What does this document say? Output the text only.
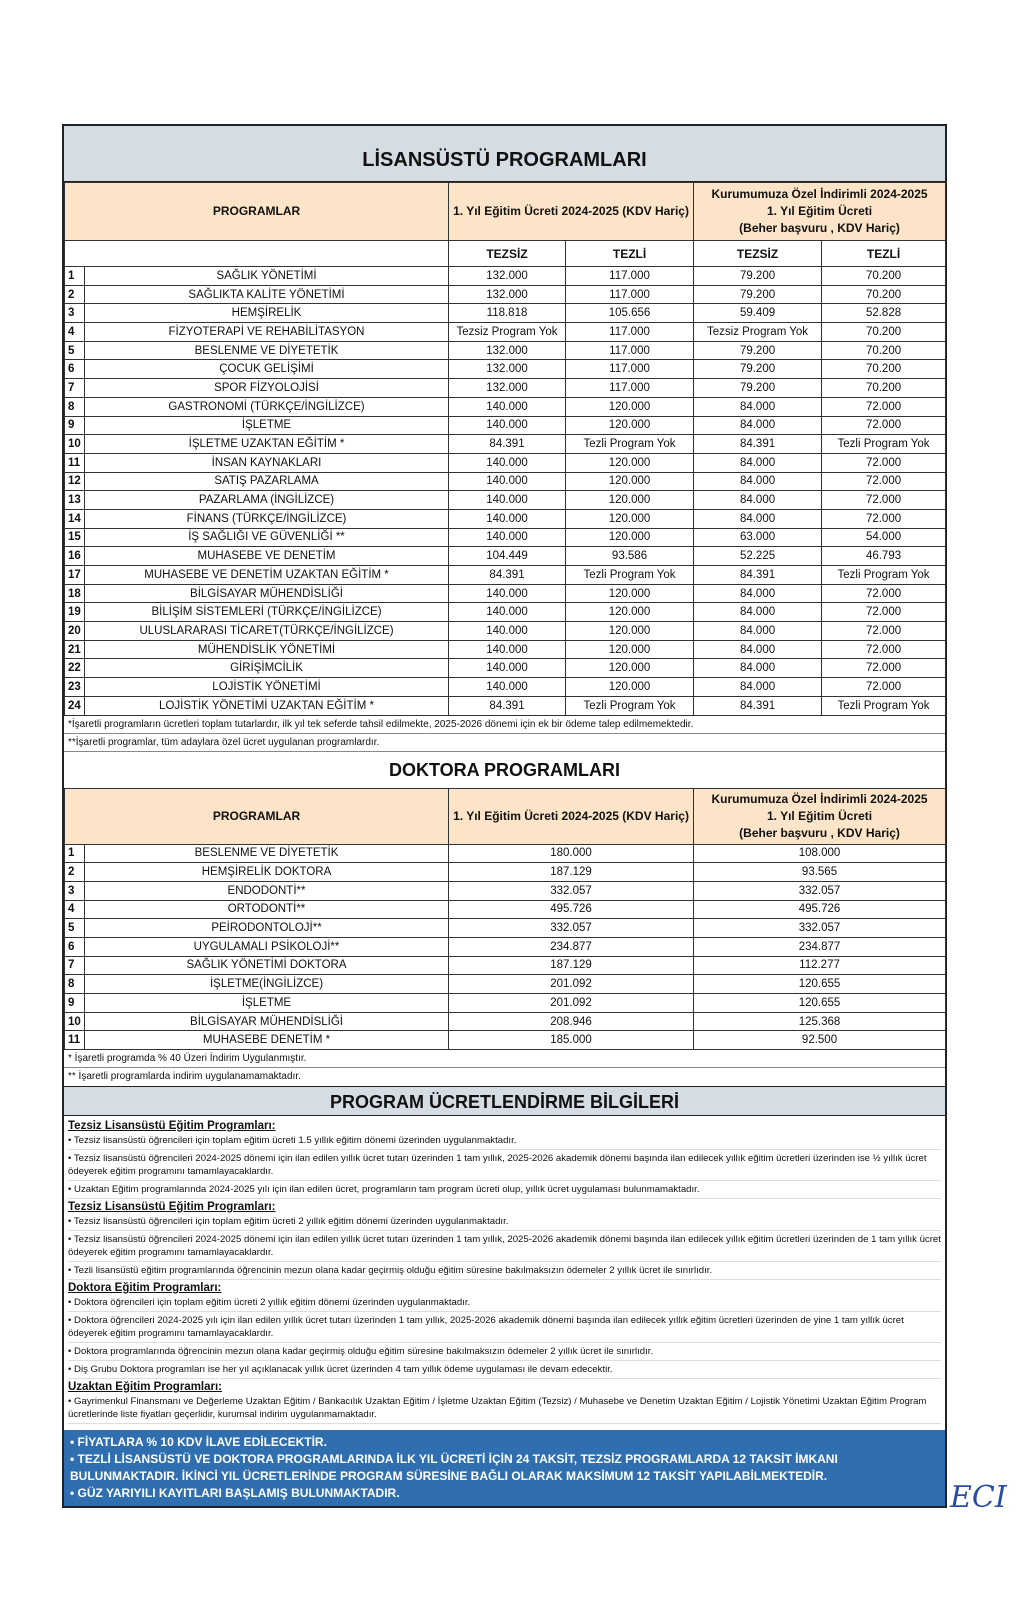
LİSANSÜSTÜ PROGRAMLARI
PROGRAMLAR		1. Yıl Eğitim Ücreti 2024-2025 (KDV Hariç)		Kurumumuza Özel İndirimli 2024-2025
1. Yıl Eğitim Ücreti
(Beher başvuru , KDV Hariç)	

		TEZSİZ	TEZLİ	TEZSİZ	TEZLİ
1	SAĞLIK YÖNETİMİ	132.000	117.000	79.200	70.200
2	SAĞLIKTA KALİTE YÖNETİMİ	132.000	117.000	79.200	70.200
3	HEMŞİRELİK	118.818	105.656	59.409	52.828
4	FİZYOTERAPİ VE REHABİLİTASYON	Tezsiz Program Yok	117.000	Tezsiz Program Yok	70.200
5	BESLENME VE DİYETETİK	132.000	117.000	79.200	70.200
6	ÇOCUK GELİŞİMİ	132.000	117.000	79.200	70.200
7	SPOR FİZYOLOJİSİ	132.000	117.000	79.200	70.200
8	GASTRONOMİ (TÜRKÇE/İNGİLİZCE)	140.000	120.000	84.000	72.000
9	İŞLETME	140.000	120.000	84.000	72.000
10	İŞLETME UZAKTAN EĞİTİM *	84.391	Tezli Program Yok	84.391	Tezli Program Yok
11	İNSAN KAYNAKLARI	140.000	120.000	84.000	72.000
12	SATIŞ PAZARLAMA	140.000	120.000	84.000	72.000
13	PAZARLAMA (İNGİLİZCE)	140.000	120.000	84.000	72.000
14	FİNANS (TÜRKÇE/İNGİLİZCE)	140.000	120.000	84.000	72.000
15	İŞ SAĞLIĞI VE GÜVENLİĞİ **	140.000	120.000	63.000	54.000
16	MUHASEBE VE DENETİM	104.449	93.586	52.225	46.793
17	MUHASEBE VE DENETİM UZAKTAN EĞİTİM *	84.391	Tezli Program Yok	84.391	Tezli Program Yok
18	BİLGİSAYAR MÜHENDİSLİĞİ	140.000	120.000	84.000	72.000
19	BİLİŞİM SİSTEMLERİ (TÜRKÇE/İNGİLİZCE)	140.000	120.000	84.000	72.000
20	ULUSLARARASI TİCARET(TÜRKÇE/İNGİLİZCE)	140.000	120.000	84.000	72.000
21	MÜHENDİSLİK YÖNETİMİ	140.000	120.000	84.000	72.000
22	GİRİŞİMCİLİK	140.000	120.000	84.000	72.000
23	LOJİSTİK YÖNETİMİ	140.000	120.000	84.000	72.000
24	LOJİSTİK YÖNETİMİ UZAKTAN EĞİTİM *	84.391	Tezli Program Yok	84.391	Tezli Program Yok
*İşaretli programların ücretleri toplam tutarlardır, ilk yıl tek seferde tahsil edilmekte, 2025-2026 dönemi için ek bir ödeme talep edilmemektedir.
**İşaretli programlar, tüm adaylara özel ücret uygulanan programlardır.
DOKTORA PROGRAMLARI
PROGRAMLAR		1. Yıl Eğitim Ücreti 2024-2025 (KDV Hariç)	Kurumumuza Özel İndirimli 2024-2025
1. Yıl Eğitim Ücreti
(Beher başvuru , KDV Hariç)

1	BESLENME VE DİYETETİK	180.000	108.000
2	HEMŞİRELİK DOKTORA	187.129	93.565
3	ENDODONTİ**	332.057	332.057
4	ORTODONTİ**	495.726	495.726
5	PEİRODONTOLOJİ**	332.057	332.057
6	UYGULAMALI PSİKOLOJİ**	234.877	234.877
7	SAĞLIK YÖNETİMİ DOKTORA	187.129	112.277
8	İŞLETME(İNGİLİZCE)	201.092	120.655
9	İŞLETME	201.092	120.655
10	BİLGİSAYAR MÜHENDİSLİĞİ	208.946	125.368
11	MUHASEBE DENETİM *	185.000	92.500
* İşaretli programda % 40 Üzeri İndirim Uygulanmıştır.
** İşaretli programlarda indirim uygulanamamaktadır.
PROGRAM ÜCRETLENDİRME BİLGİLERİ
Tezsiz Lisansüstü Eğitim Programları:
• Tezsiz lisansüstü öğrencileri için toplam eğitim ücreti 1.5 yıllık eğitim dönemi üzerinden uygulanmaktadır.
• Tezsiz lisansüstü öğrencileri 2024-2025 dönemi için ilan edilen yıllık ücret tutarı üzerinden 1 tam yıllık, 2025-2026 akademik dönemi başında ilan edilecek yıllık eğitim ücretleri üzerinden ise ½ yıllık ücret ödeyerek eğitim programını tamamlayacaklardır.
• Uzaktan Eğitim programlarında 2024-2025 yılı için ilan edilen ücret, programların tam program ücreti olup, yıllık ücret uygulaması bulunmamaktadır.
Tezsiz Lisansüstü Eğitim Programları:
• Tezsiz lisansüstü öğrencileri için toplam eğitim ücreti 2 yıllık eğitim dönemi üzerinden uygulanmaktadır.
• Tezsiz lisansüstü öğrencileri 2024-2025 dönemi için ilan edilen yıllık ücret tutarı üzerinden 1 tam yıllık, 2025-2026 akademik dönemi başında ilan edilecek yıllık eğitim ücretleri üzerinden de 1 tam yıllık ücret ödeyerek eğitim programını tamamlayacaklardır.
• Tezli lisansüstü eğitim programlarında öğrencinin mezun olana kadar geçirmiş olduğu eğitim süresine bakılmaksızın ödemeler 2 yıllık ücret ile sınırlıdır.
Doktora Eğitim Programları:
• Doktora öğrencileri için toplam eğitim ücreti 2 yıllık eğitim dönemi üzerinden uygulanmaktadır.
• Doktora öğrencileri 2024-2025 yılı için ilan edilen yıllık ücret tutarı üzerinden 1 tam yıllık, 2025-2026 akademik dönemi başında ilan edilecek yıllık eğitim ücretleri üzerinden de yine 1 tam yıllık ücret ödeyerek eğitim programını tamamlayacaklardır.
• Doktora programlarında öğrencinin mezun olana kadar geçirmiş olduğu eğitim süresine bakılmaksızın ödemeler 2 yıllık ücret ile sınırlıdır.
• Diş Grubu Doktora programları ise her yıl açıklanacak yıllık ücret üzerinden 4 tam yıllık ödeme uygulaması ile devam edecektir.
Uzaktan Eğitim Programları:
• Gayrimenkul Finansmanı ve Değerleme Uzaktan Eğitim / Bankacılık Uzaktan Eğitim / İşletme Uzaktan Eğitim (Tezsiz) / Muhasebe ve Denetim Uzaktan Eğitim / Lojistik Yönetimi Uzaktan Eğitim Program ücretlerinde liste fiyatları geçerlidir, kurumsal indirim uygulanmamaktadır.
• FİYATLARA % 10 KDV İLAVE EDİLECEKTİR.
• TEZLİ LİSANSÜSTÜ VE DOKTORA PROGRAMLARINDA İLK YIL ÜCRETİ İÇİN 24 TAKSİT, TEZSİZ PROGRAMLARDA 12 TAKSİT İMKANI BULUNMAKTADIR. İKİNCİ YIL ÜCRETLERİNDE PROGRAM SÜRESİNE BAĞLI OLARAK MAKSİMUM 12 TAKSİT YAPILABİLMEKTEDİR.
• GÜZ YARIYILI KAYITLARI BAŞLAMIŞ BULUNMAKTADIR.	ECI
